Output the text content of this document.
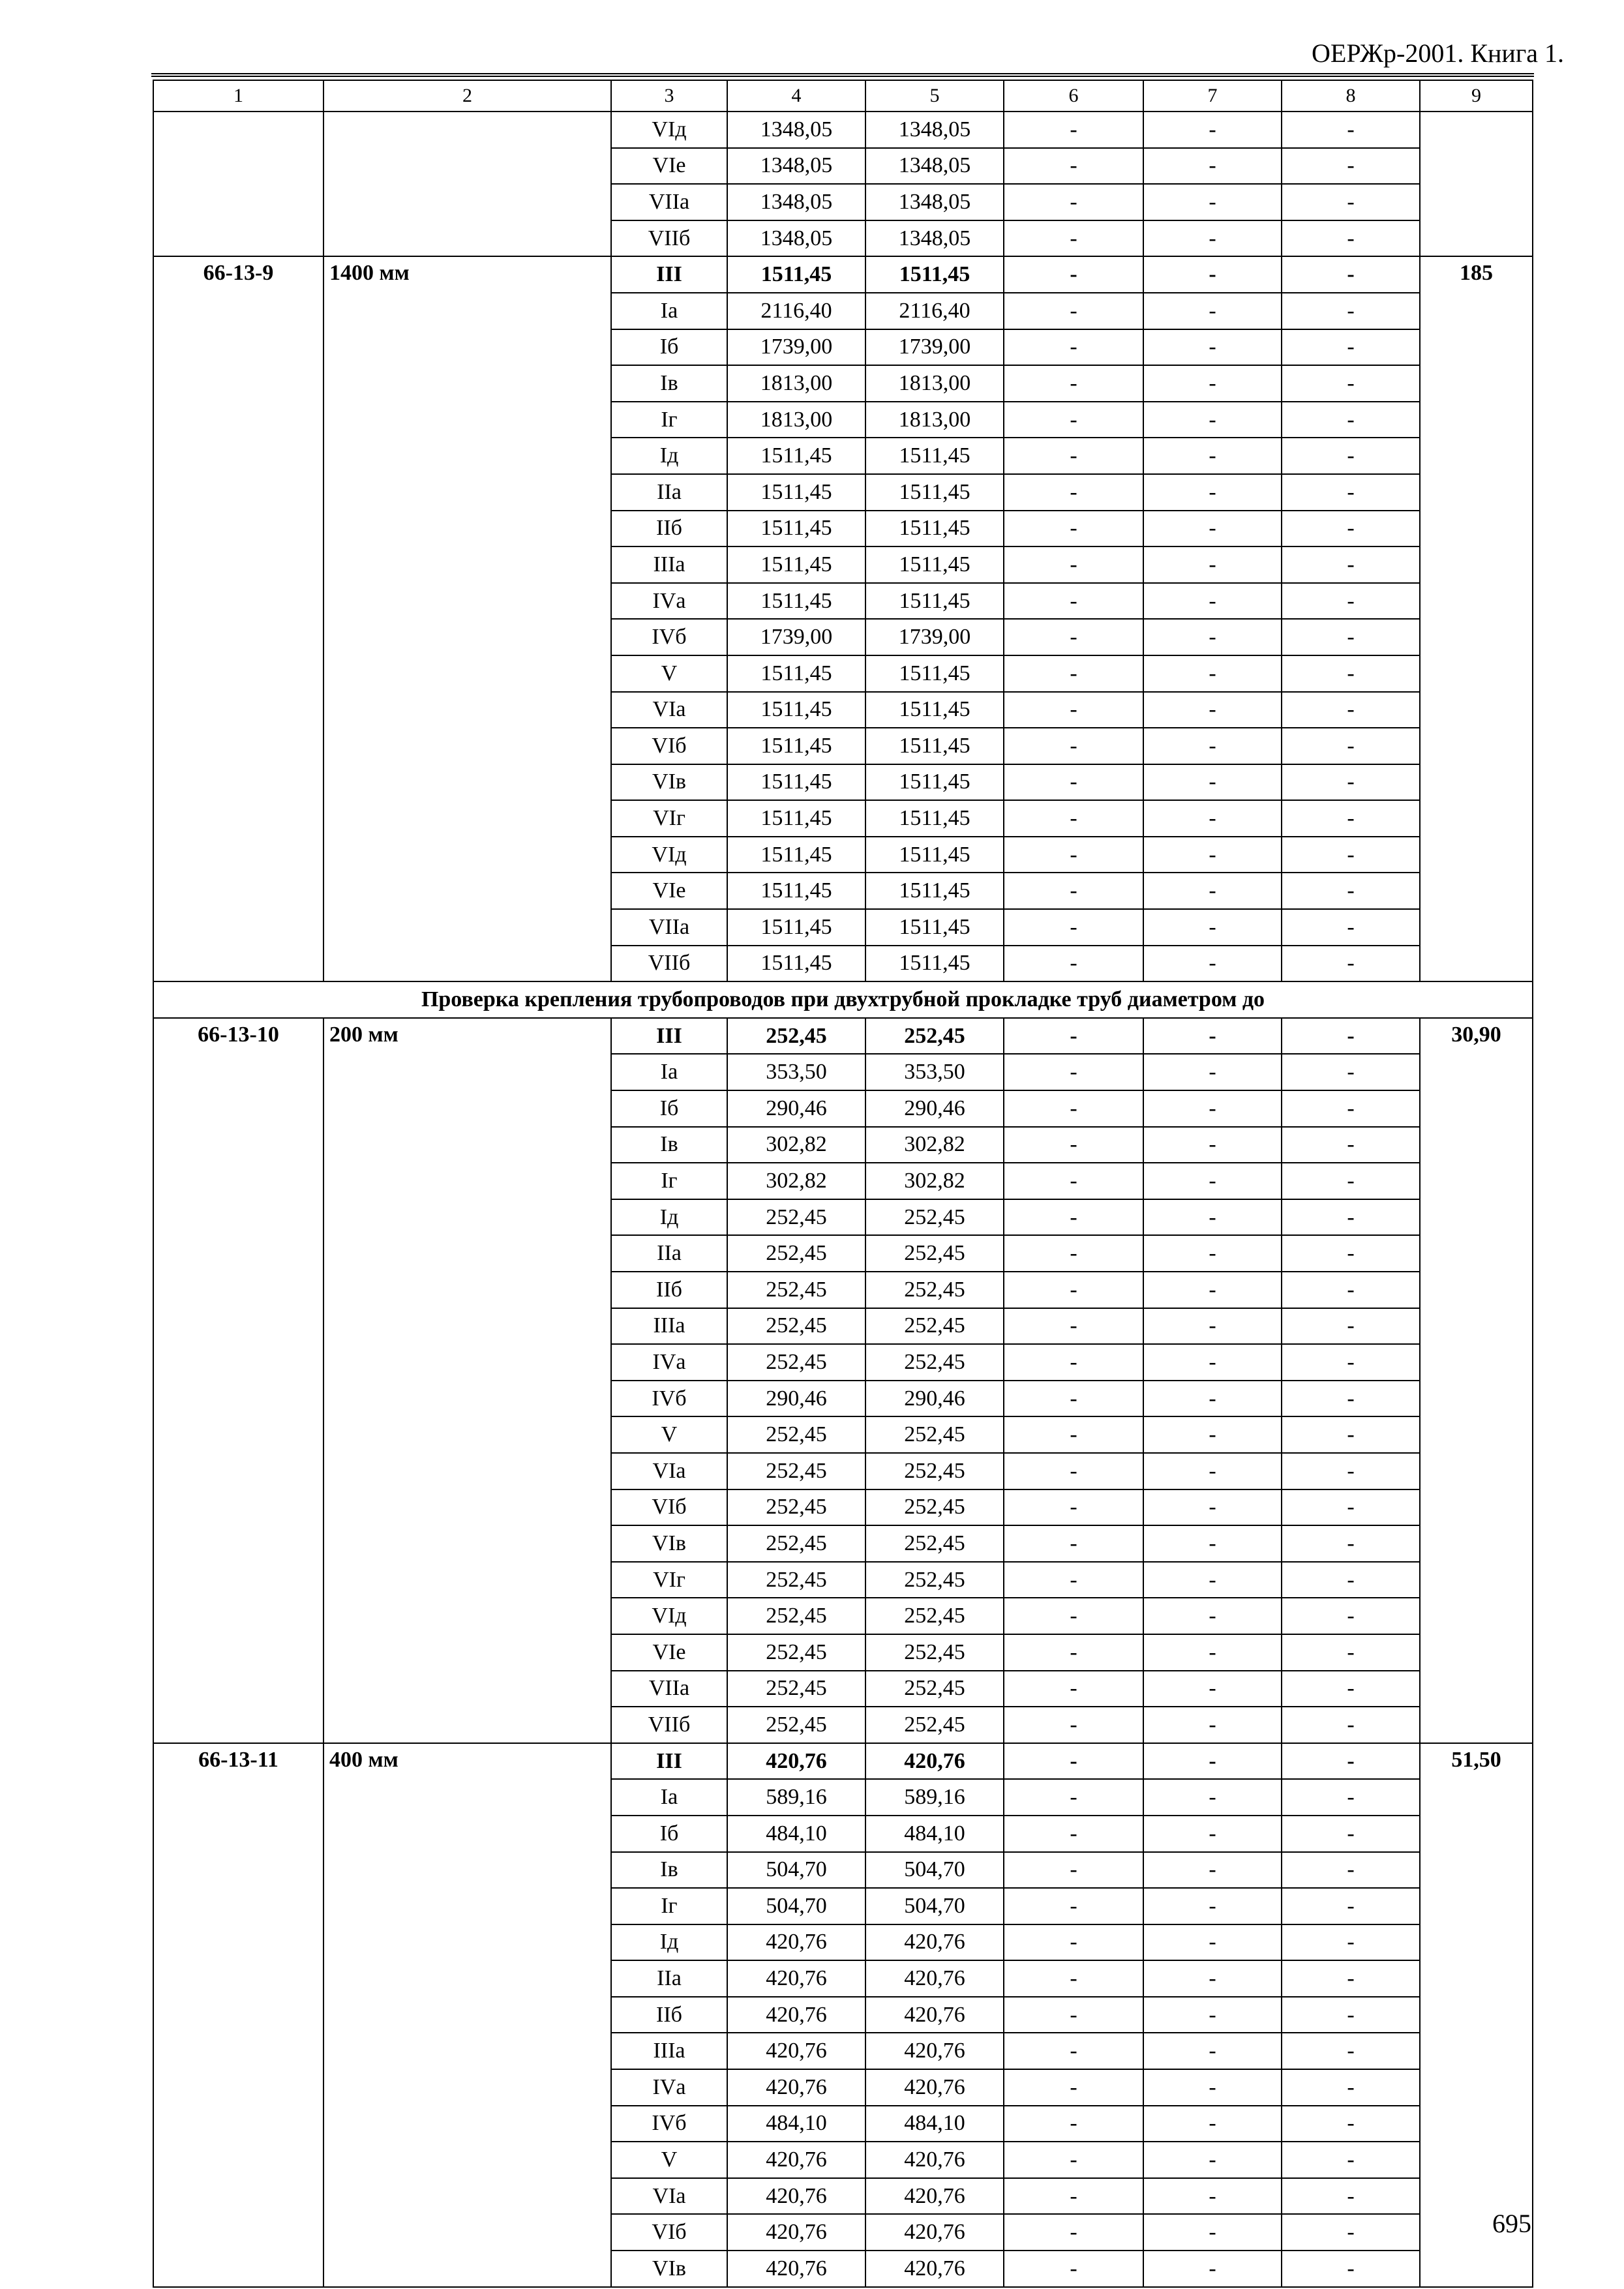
ОЕРЖр-2001. Книга 1.
1	2	3	4	5	6	7	8	9
		VIд	1348,05	1348,05	-	-	-	
		VIе	1348,05	1348,05	-	-	-	
		VIIа	1348,05	1348,05	-	-	-	
		VIIб	1348,05	1348,05	-	-	-	
66-13-9	1400 мм	III	1511,45	1511,45	-	-	-	185
		Iа	2116,40	2116,40	-	-	-	
		Iб	1739,00	1739,00	-	-	-	
		Iв	1813,00	1813,00	-	-	-	
		Iг	1813,00	1813,00	-	-	-	
		Iд	1511,45	1511,45	-	-	-	
		IIа	1511,45	1511,45	-	-	-	
		IIб	1511,45	1511,45	-	-	-	
		IIIа	1511,45	1511,45	-	-	-	
		IVа	1511,45	1511,45	-	-	-	
		IVб	1739,00	1739,00	-	-	-	
		V	1511,45	1511,45	-	-	-	
		VIа	1511,45	1511,45	-	-	-	
		VIб	1511,45	1511,45	-	-	-	
		VIв	1511,45	1511,45	-	-	-	
		VIг	1511,45	1511,45	-	-	-	
		VIд	1511,45	1511,45	-	-	-	
		VIе	1511,45	1511,45	-	-	-	
		VIIа	1511,45	1511,45	-	-	-	
		VIIб	1511,45	1511,45	-	-	-	
Проверка крепления трубопроводов при двухтрубной прокладке труб диаметром до								
66-13-10	200 мм	III	252,45	252,45	-	-	-	30,90
		Iа	353,50	353,50	-	-	-	
		Iб	290,46	290,46	-	-	-	
		Iв	302,82	302,82	-	-	-	
		Iг	302,82	302,82	-	-	-	
		Iд	252,45	252,45	-	-	-	
		IIа	252,45	252,45	-	-	-	
		IIб	252,45	252,45	-	-	-	
		IIIа	252,45	252,45	-	-	-	
		IVа	252,45	252,45	-	-	-	
		IVб	290,46	290,46	-	-	-	
		V	252,45	252,45	-	-	-	
		VIа	252,45	252,45	-	-	-	
		VIб	252,45	252,45	-	-	-	
		VIв	252,45	252,45	-	-	-	
		VIг	252,45	252,45	-	-	-	
		VIд	252,45	252,45	-	-	-	
		VIе	252,45	252,45	-	-	-	
		VIIа	252,45	252,45	-	-	-	
		VIIб	252,45	252,45	-	-	-	
66-13-11	400 мм	III	420,76	420,76	-	-	-	51,50
		Iа	589,16	589,16	-	-	-	
		Iб	484,10	484,10	-	-	-	
		Iв	504,70	504,70	-	-	-	
		Iг	504,70	504,70	-	-	-	
		Iд	420,76	420,76	-	-	-	
		IIа	420,76	420,76	-	-	-	
		IIб	420,76	420,76	-	-	-	
		IIIа	420,76	420,76	-	-	-	
		IVа	420,76	420,76	-	-	-	
		IVб	484,10	484,10	-	-	-	
		V	420,76	420,76	-	-	-	
		VIа	420,76	420,76	-	-	-	
		VIб	420,76	420,76	-	-	-	
		VIв	420,76	420,76	-	-	-	
695
